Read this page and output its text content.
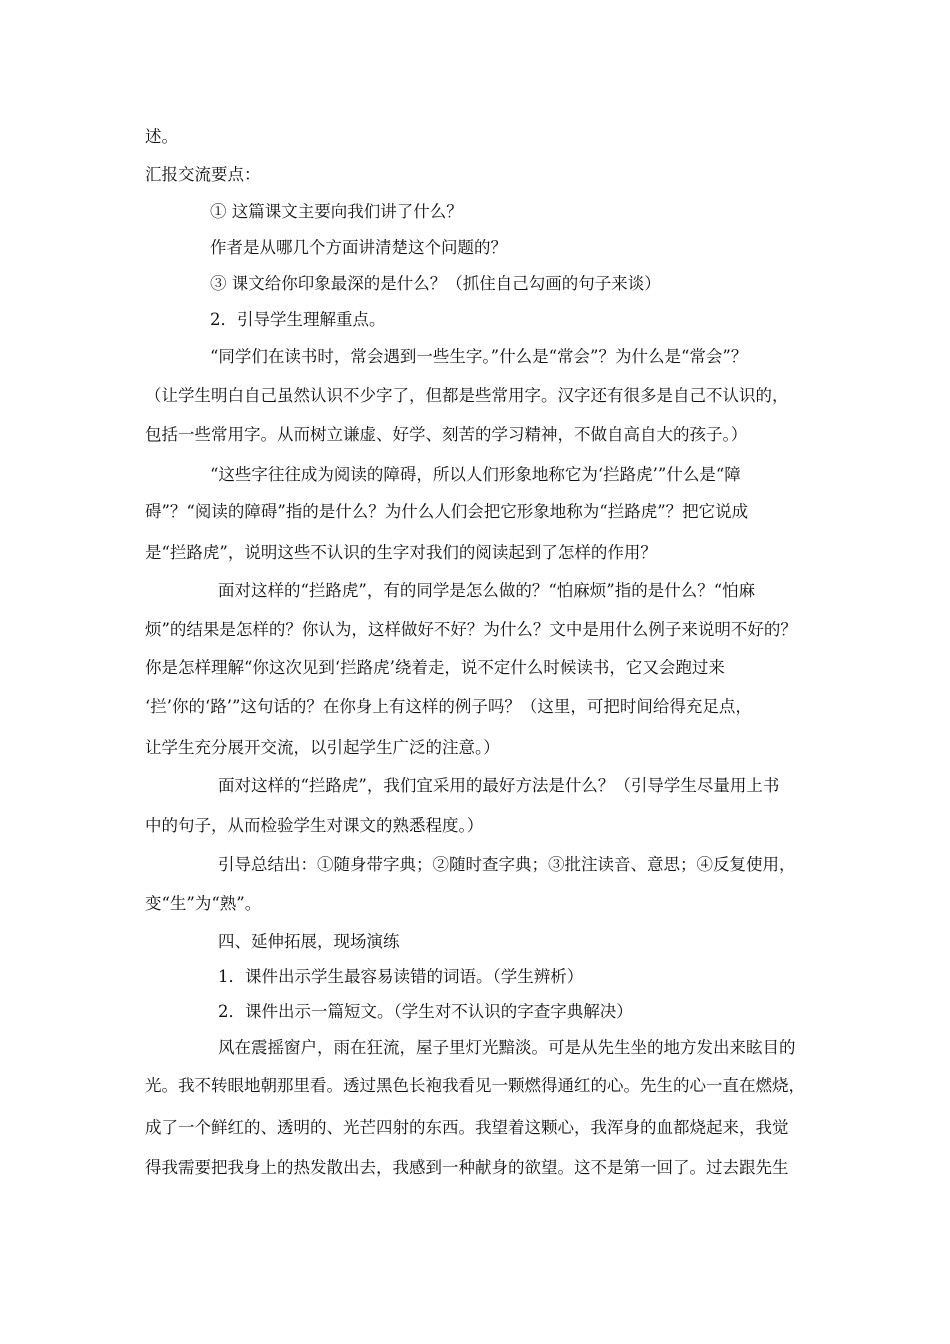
述。
汇报交流要点：
① 这篇课文主要向我们讲了什么？
作者是从哪几个方面讲清楚这个问题的？
③ 课文给你印象最深的是什么？（抓住自己勾画的句子来谈）
2．引导学生理解重点。
“同学们在读书时，常会遇到一些生字。”什么是“常会”？为什么是“常会”？
（让学生明白自己虽然认识不少字了，但都是些常用字。汉字还有很多是自己不认识的，
包括一些常用字。从而树立谦虚、好学、刻苦的学习精神，不做自高自大的孩子。）
“这些字往往成为阅读的障碍，所以人们形象地称它为‘拦路虎’”什么是“障
碍”？“阅读的障碍”指的是什么？为什么人们会把它形象地称为“拦路虎”？把它说成
是“拦路虎”，说明这些不认识的生字对我们的阅读起到了怎样的作用？
面对这样的“拦路虎”，有的同学是怎么做的？“怕麻烦”指的是什么？“怕麻
烦”的结果是怎样的？你认为，这样做好不好？为什么？文中是用什么例子来说明不好的？
你是怎样理解“你这次见到‘拦路虎’绕着走，说不定什么时候读书，它又会跑过来
‘拦’你的‘路’”这句话的？在你身上有这样的例子吗？（这里，可把时间给得充足点，
让学生充分展开交流，以引起学生广泛的注意。）
面对这样的“拦路虎”，我们宜采用的最好方法是什么？（引导学生尽量用上书
中的句子，从而检验学生对课文的熟悉程度。）
引导总结出：①随身带字典；②随时查字典；③批注读音、意思；④反复使用，
变“生”为“熟”。
四、延伸拓展，现场演练
1．课件出示学生最容易读错的词语。（学生辨析）
2．课件出示一篇短文。（学生对不认识的字查字典解决）
风在震摇窗户，雨在狂流，屋子里灯光黯淡。可是从先生坐的地方发出来眩目的
光。我不转眼地朝那里看。透过黑色长袍我看见一颗燃得通红的心。先生的心一直在燃烧，
成了一个鲜红的、透明的、光芒四射的东西。我望着这颗心，我浑身的血都烧起来，我觉
得我需要把我身上的热发散出去，我感到一种献身的欲望。这不是第一回了。过去跟先生
